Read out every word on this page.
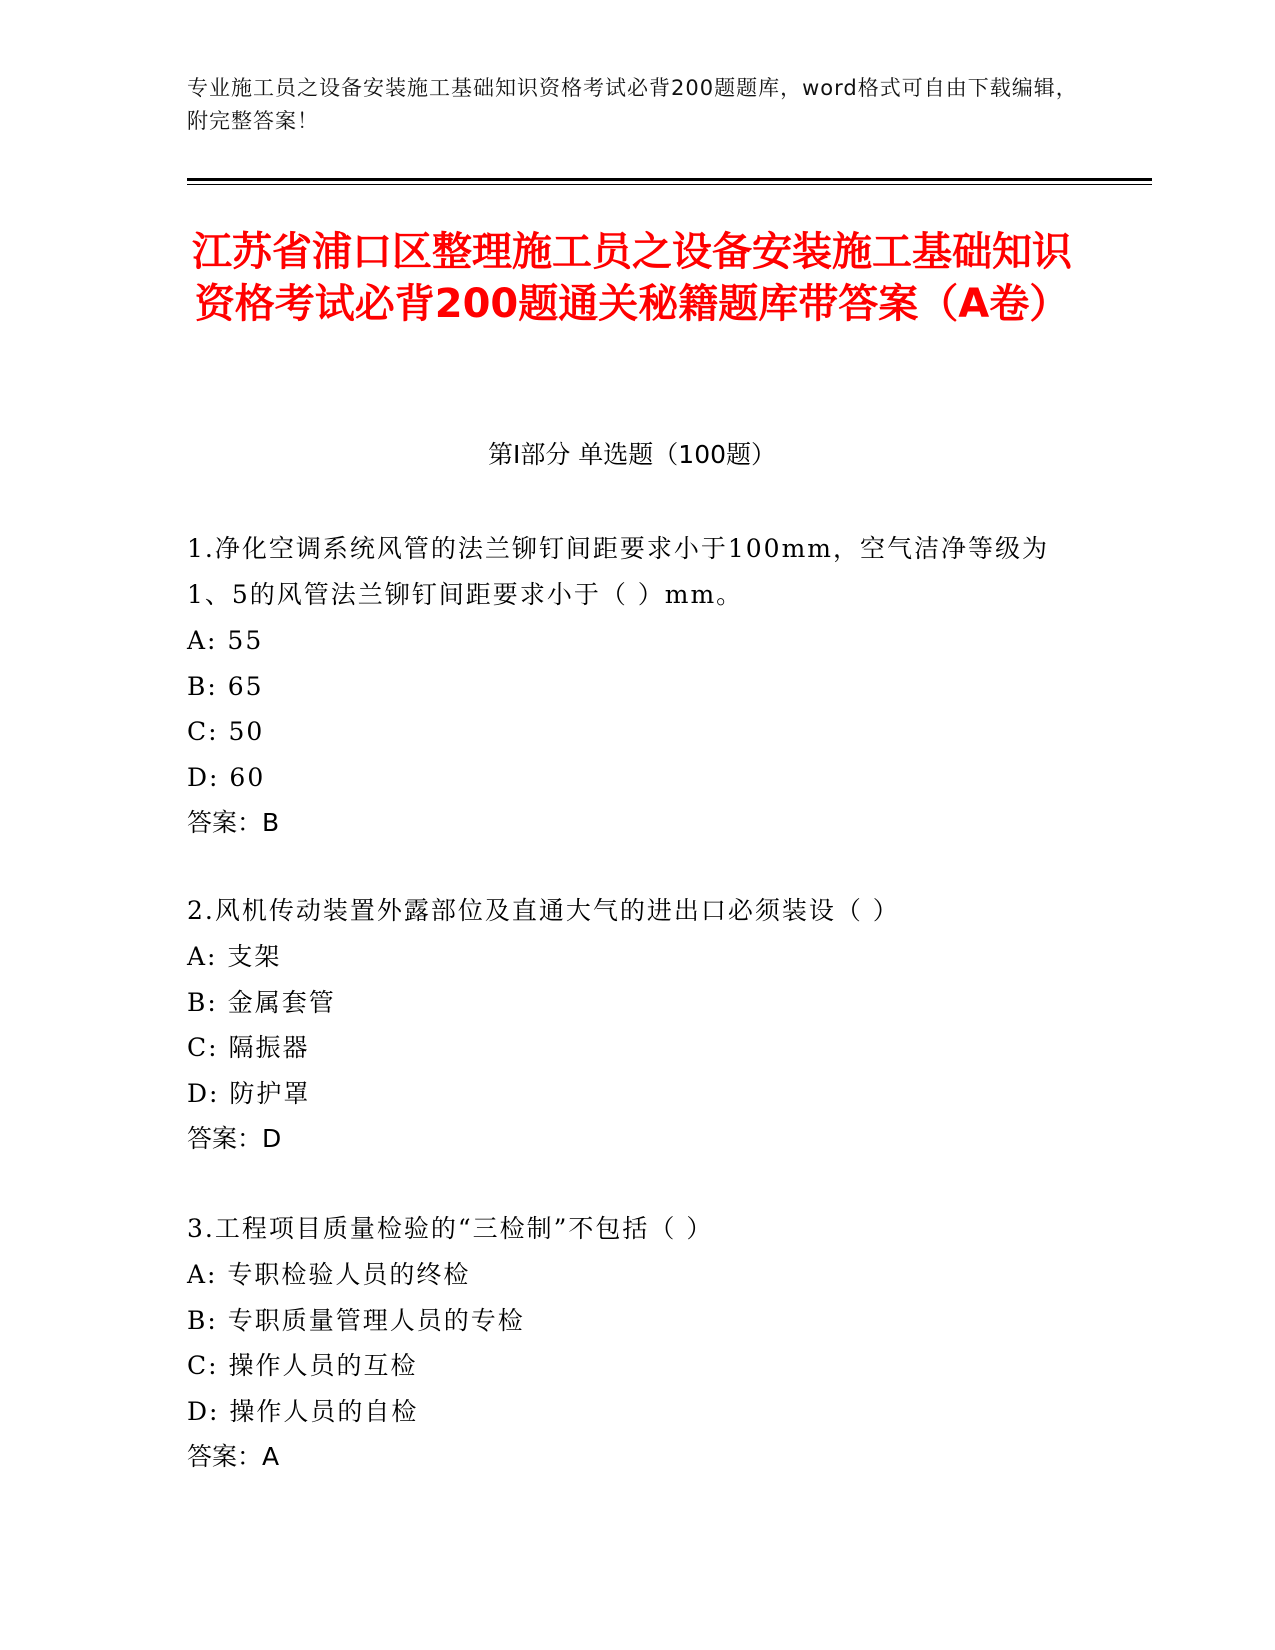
专业施工员之设备安装施工基础知识资格考试必背200题题库，word格式可自由下载编辑，附完整答案！
江苏省浦口区整理施工员之设备安装施工基础知识资格考试必背200题通关秘籍题库带答案（A卷）
第I部分 单选题（100题）

1.净化空调系统风管的法兰铆钉间距要求小于100mm，空气洁净等级为1、5的风管法兰铆钉间距要求小于（ ）mm。

A: 55

B: 65

C: 50

D: 60

答案：B

2.风机传动装置外露部位及直通大气的进出口必须装设（ ）

A: 支架

B: 金属套管

C: 隔振器

D: 防护罩

答案：D

3.工程项目质量检验的“三检制”不包括（ ）

A: 专职检验人员的终检

B: 专职质量管理人员的专检

C: 操作人员的互检

D: 操作人员的自检

答案：A
